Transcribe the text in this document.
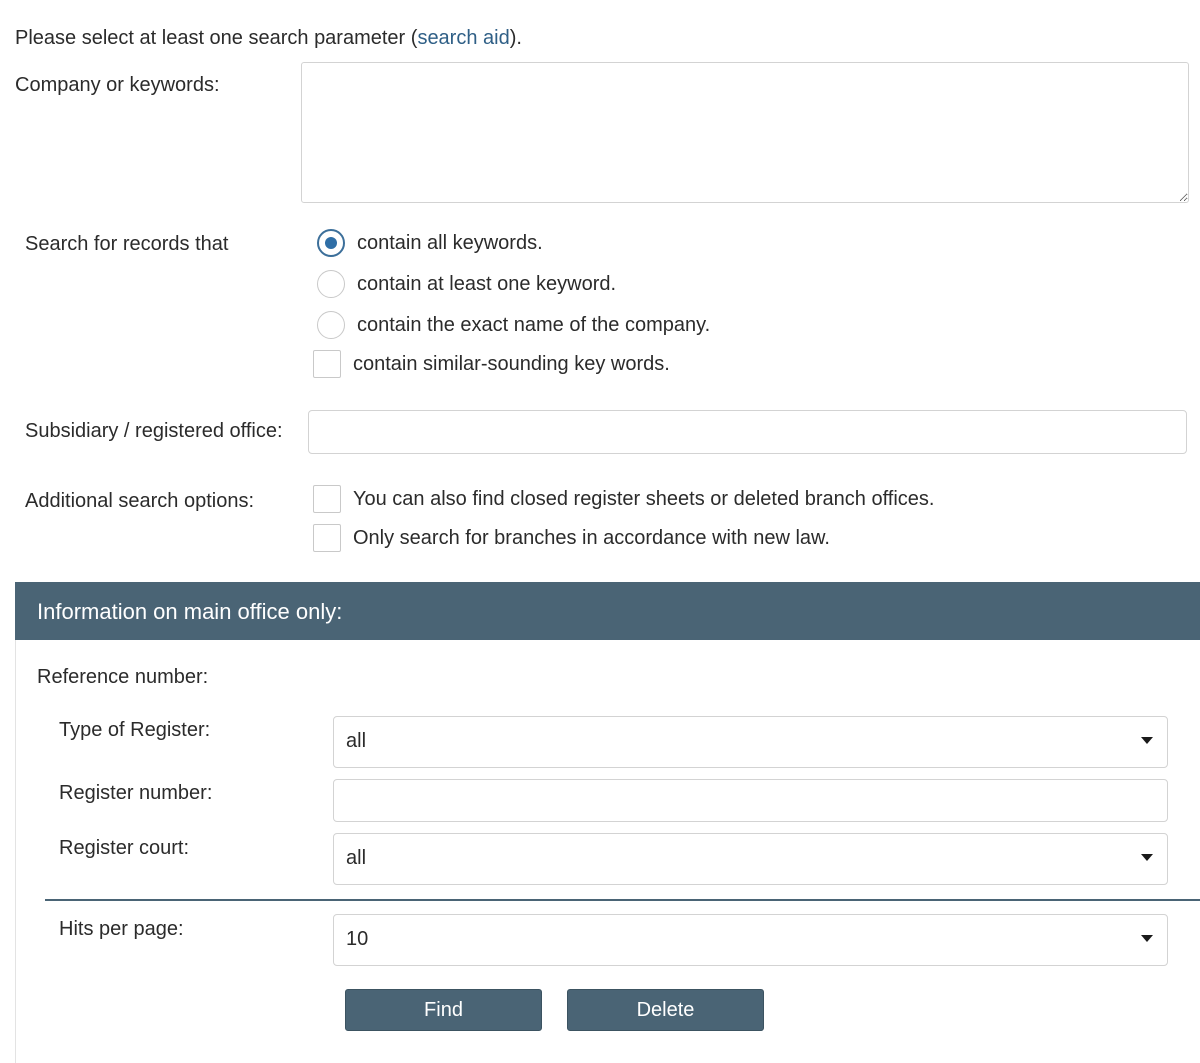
Please select at least one search parameter (search aid).
Company or keywords:
Search for records that	contain all keywords.
contain at least one keyword.
contain the exact name of the company.
contain similar-sounding key words.
Subsidiary / registered office:
Additional search options:	You can also find closed register sheets or deleted branch offices.
Only search for branches in accordance with new law.
Information on main office only:
Reference number:
Type of Register:	all
Register number:
Register court:	all
Hits per page:	10
Find	Delete
